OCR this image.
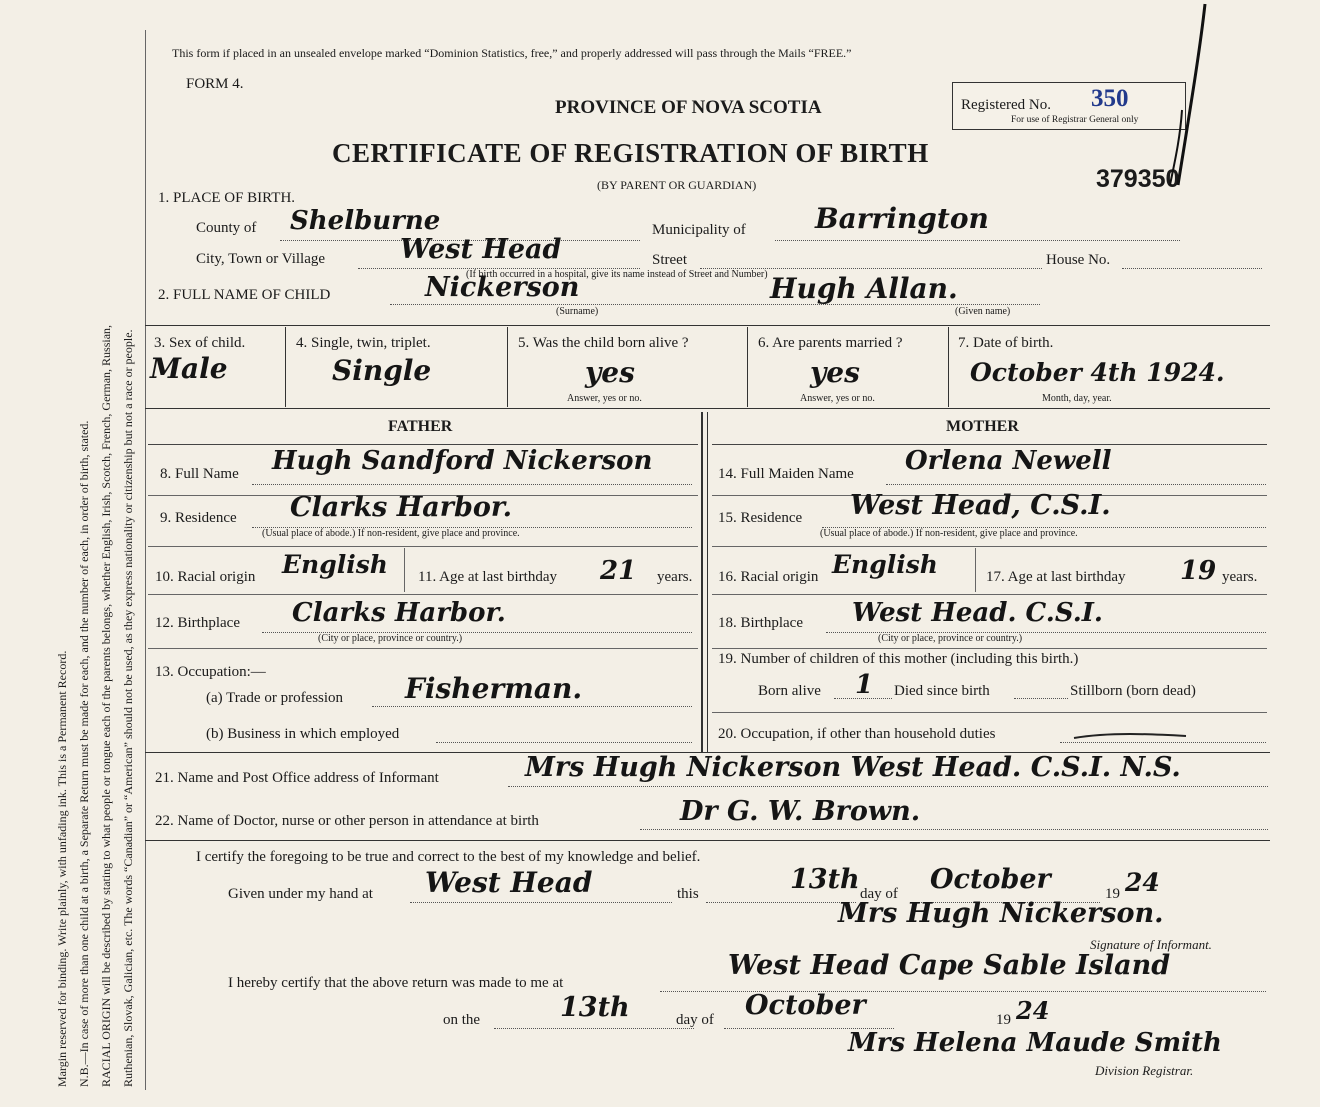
Margin reserved for binding. Write plainly, with unfading ink. This is a Permanent Record. N.B.—In case of more than one child at a birth, a Separate Return must be made for each, and the number of each, in order of birth, stated. RACIAL ORIGIN will be described by stating to what people or tongue each of the parents belongs, whether English, Irish, Scotch, French, German, Russian, Ruthenian, Slovak, Galician, etc. The words “Canadian” or “American” should not be used, as they express nationality or citizenship but not a race or people.
This form if placed in an unsealed envelope marked “Dominion Statistics, free,” and properly addressed will pass through the Mails “FREE.”
FORM 4.
PROVINCE OF NOVA SCOTIA
CERTIFICATE OF REGISTRATION OF BIRTH
(BY PARENT OR GUARDIAN)
Registered No. 350
For use of Registrar General only
379350
1. PLACE OF BIRTH.
County of Shelburne	Municipality of Barrington
City, Town or Village	West Head	Street	House No.
(If birth occurred in a hospital, give its name instead of Street and Number)
2. FULL NAME OF CHILD	Nickerson	Hugh Allan.
(Surname)	(Given name)
3. Sex of child.
Male
4. Single, twin, triplet.
Single
5. Was the child born alive ?
yes
Answer, yes or no.
6. Are parents married ?
yes
Answer, yes or no.
7. Date of birth.
October 4th 1924.
Month, day, year.
FATHER	MOTHER
8. Full Name Hugh Sandford Nickerson
9. Residence Clarks Harbor.
(Usual place of abode.) If non-resident, give place and province.
10. Racial origin English 11. Age at last birthday 21 years.
12. Birthplace Clarks Harbor.
(City or place, province or country.)
13. Occupation:—
(a) Trade or profession Fisherman.
(b) Business in which employed
14. Full Maiden Name Orlena Newell
15. Residence West Head, C.S.I.
(Usual place of abode.) If non-resident, give place and province.
16. Racial origin English	17. Age at last birthday 19 years.
18. Birthplace West Head. C.S.I.
(City or place, province or country.)
19. Number of children of this mother (including this birth.)
Born alive 1 Died since birth	Stillborn (born dead)
20. Occupation, if other than household duties
21. Name and Post Office address of Informant	Mrs Hugh Nickerson West Head. C.S.I. N.S.
22. Name of Doctor, nurse or other person in attendance at birth	Dr G. W. Brown.
I certify the foregoing to be true and correct to the best of my knowledge and belief.
Given under my hand at West Head	this	13th day of October	19 24
Mrs Hugh Nickerson.
Signature of Informant.
I hereby certify that the above return was made to me at
West Head Cape Sable Island
on the	13th	day of October	19 24
Mrs Helena Maude Smith
Division Registrar.
